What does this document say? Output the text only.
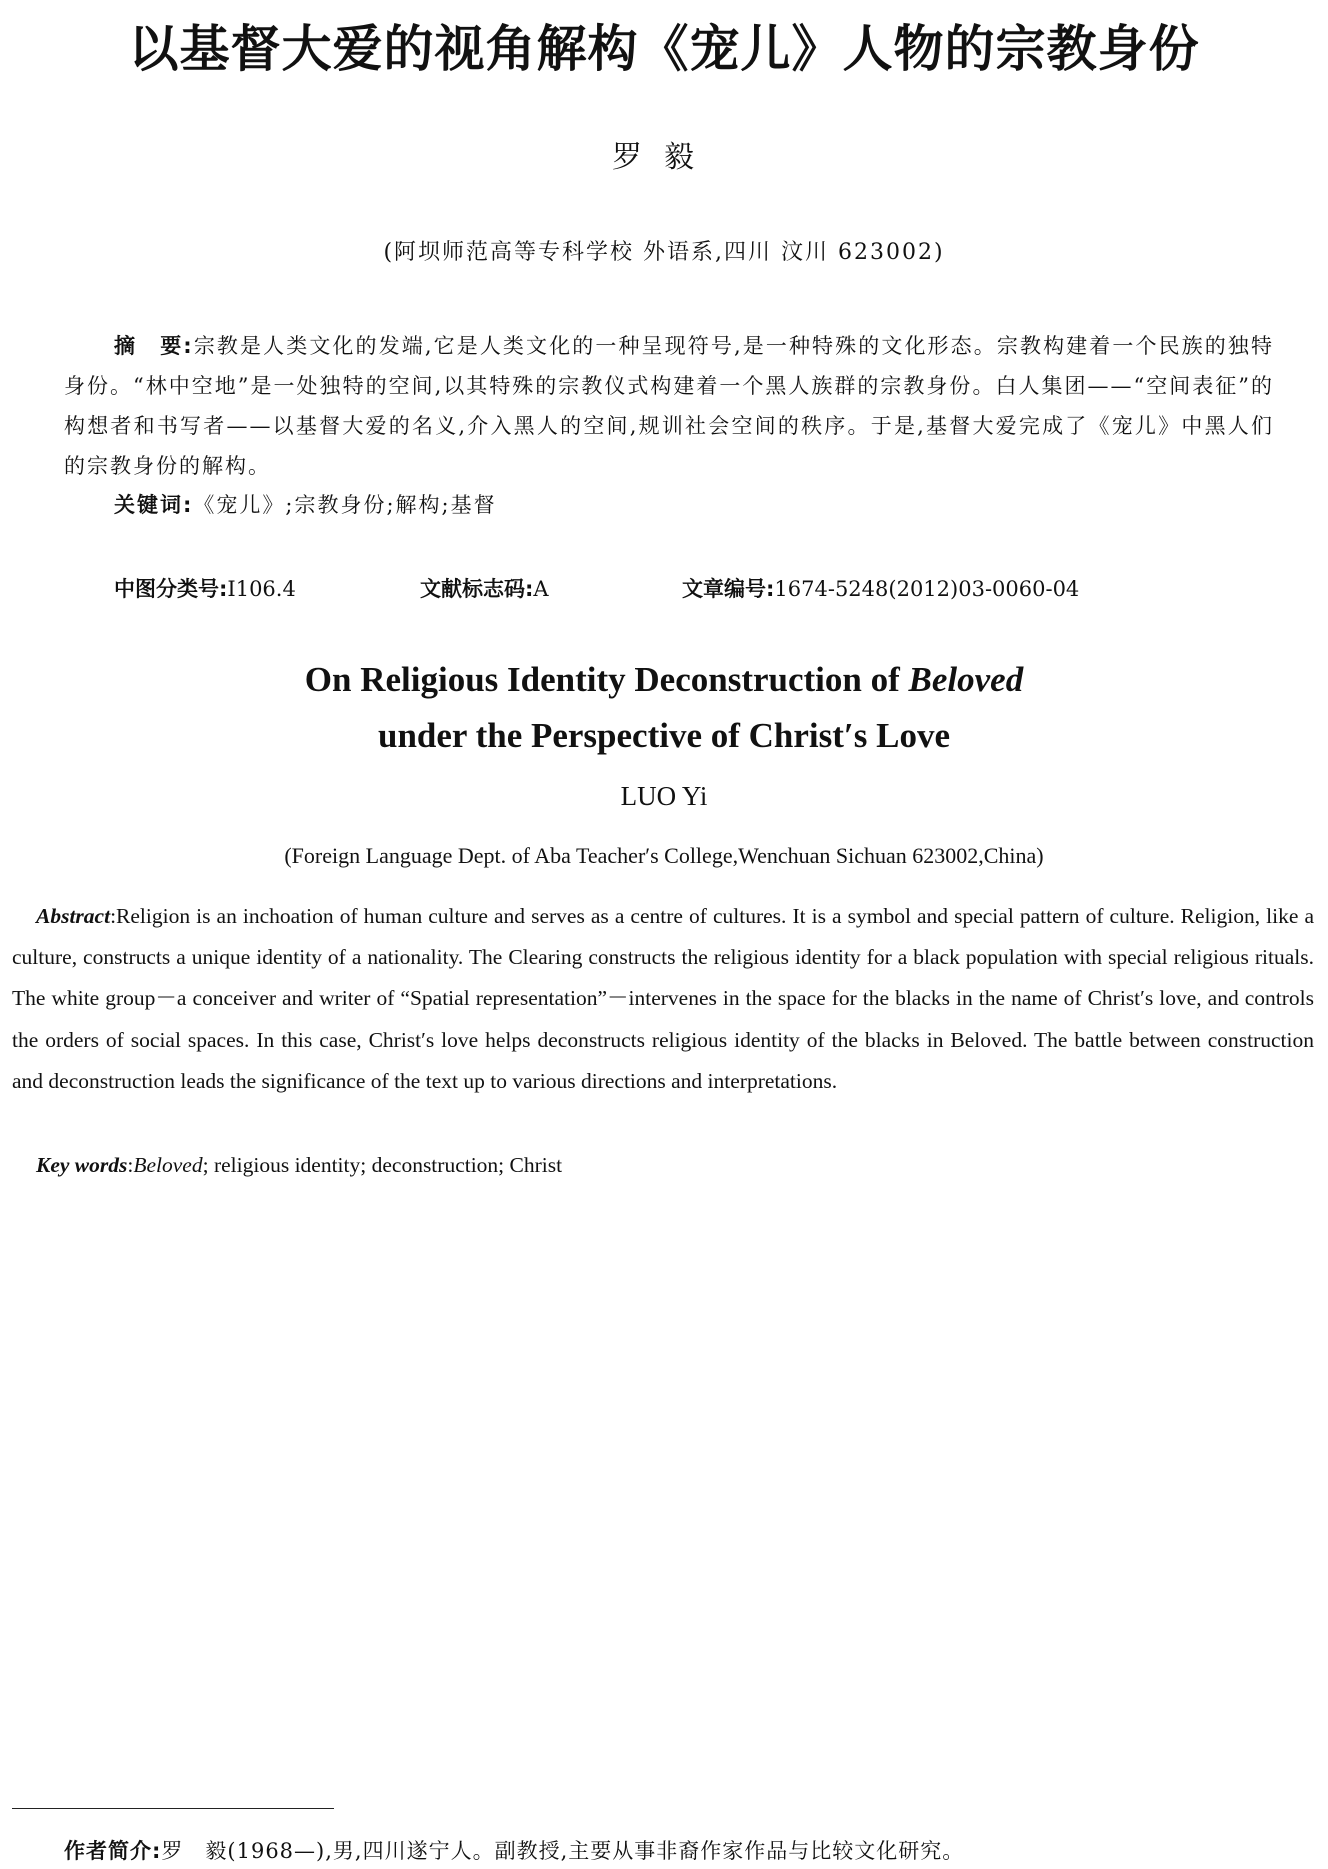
以基督大爱的视角解构《宠儿》人物的宗教身份
罗毅
(阿坝师范高等专科学校 外语系,四川 汶川 623002)
摘　要:宗教是人类文化的发端,它是人类文化的一种呈现符号,是一种特殊的文化形态。宗教构建着一个民族的独特身份。“林中空地”是一处独特的空间,以其特殊的宗教仪式构建着一个黑人族群的宗教身份。白人集团——“空间表征”的构想者和书写者——以基督大爱的名义,介入黑人的空间,规训社会空间的秩序。于是,基督大爱完成了《宠儿》中黑人们的宗教身份的解构。
关键词:《宠儿》;宗教身份;解构;基督
中图分类号:I106.4	文献标志码:A	文章编号:1674-5248(2012)03-0060-04
On Religious Identity Deconstruction of Beloved
under the Perspective of Christ′s Love
LUO Yi
(Foreign Language Dept. of Aba Teacher′s College,Wenchuan Sichuan 623002,China)
Abstract:Religion is an inchoation of human culture and serves as a centre of cultures. It is a symbol and special pattern of culture. Religion, like a culture, constructs a unique identity of a nationality. The Clearing constructs the religious identity for a black population with special religious rituals. The white group－a conceiver and writer of “Spatial representation”－intervenes in the space for the blacks in the name of Christ′s love, and controls the orders of social spaces. In this case, Christ′s love helps deconstructs religious identity of the blacks in Beloved. The battle between construction and deconstruction leads the significance of the text up to various directions and interpretations.
Key words:Beloved; religious identity; deconstruction; Christ
作者简介:罗　毅(1968—),男,四川遂宁人。副教授,主要从事非裔作家作品与比较文化研究。
